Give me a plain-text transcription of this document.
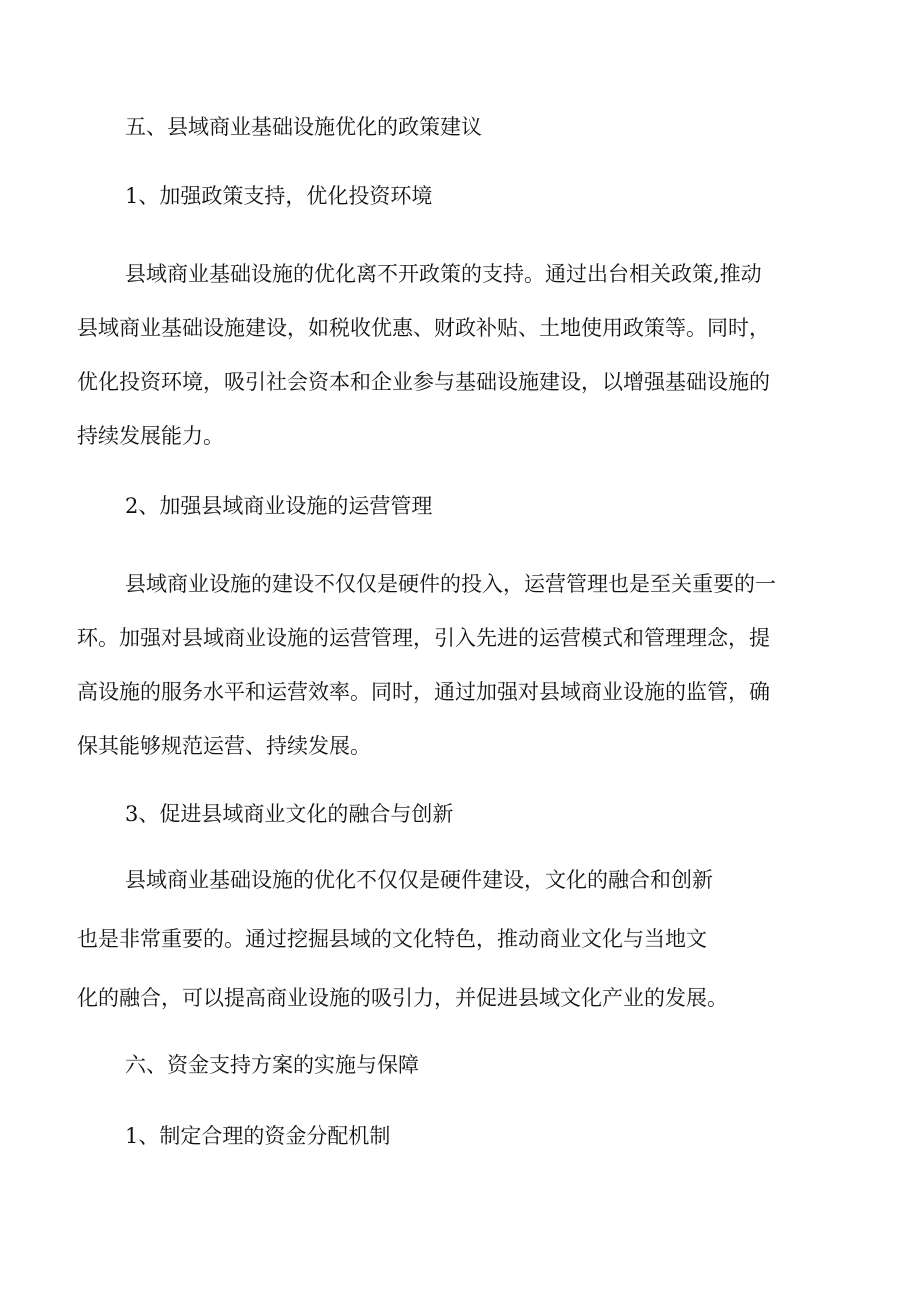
五、县域商业基础设施优化的政策建议
1、加强政策支持，优化投资环境
县域商业基础设施的优化离不开政策的支持。通过出台相关政策,推动
县域商业基础设施建设，如税收优惠、财政补贴、土地使用政策等。同时，
优化投资环境，吸引社会资本和企业参与基础设施建设，以增强基础设施的
持续发展能力。
2、加强县域商业设施的运营管理
县域商业设施的建设不仅仅是硬件的投入，运营管理也是至关重要的一
环。加强对县域商业设施的运营管理，引入先进的运营模式和管理理念，提
高设施的服务水平和运营效率。同时，通过加强对县域商业设施的监管，确
保其能够规范运营、持续发展。
3、促进县域商业文化的融合与创新
县域商业基础设施的优化不仅仅是硬件建设，文化的融合和创新
也是非常重要的。通过挖掘县域的文化特色，推动商业文化与当地文
化的融合，可以提高商业设施的吸引力，并促进县域文化产业的发展。
六、资金支持方案的实施与保障
1、制定合理的资金分配机制
